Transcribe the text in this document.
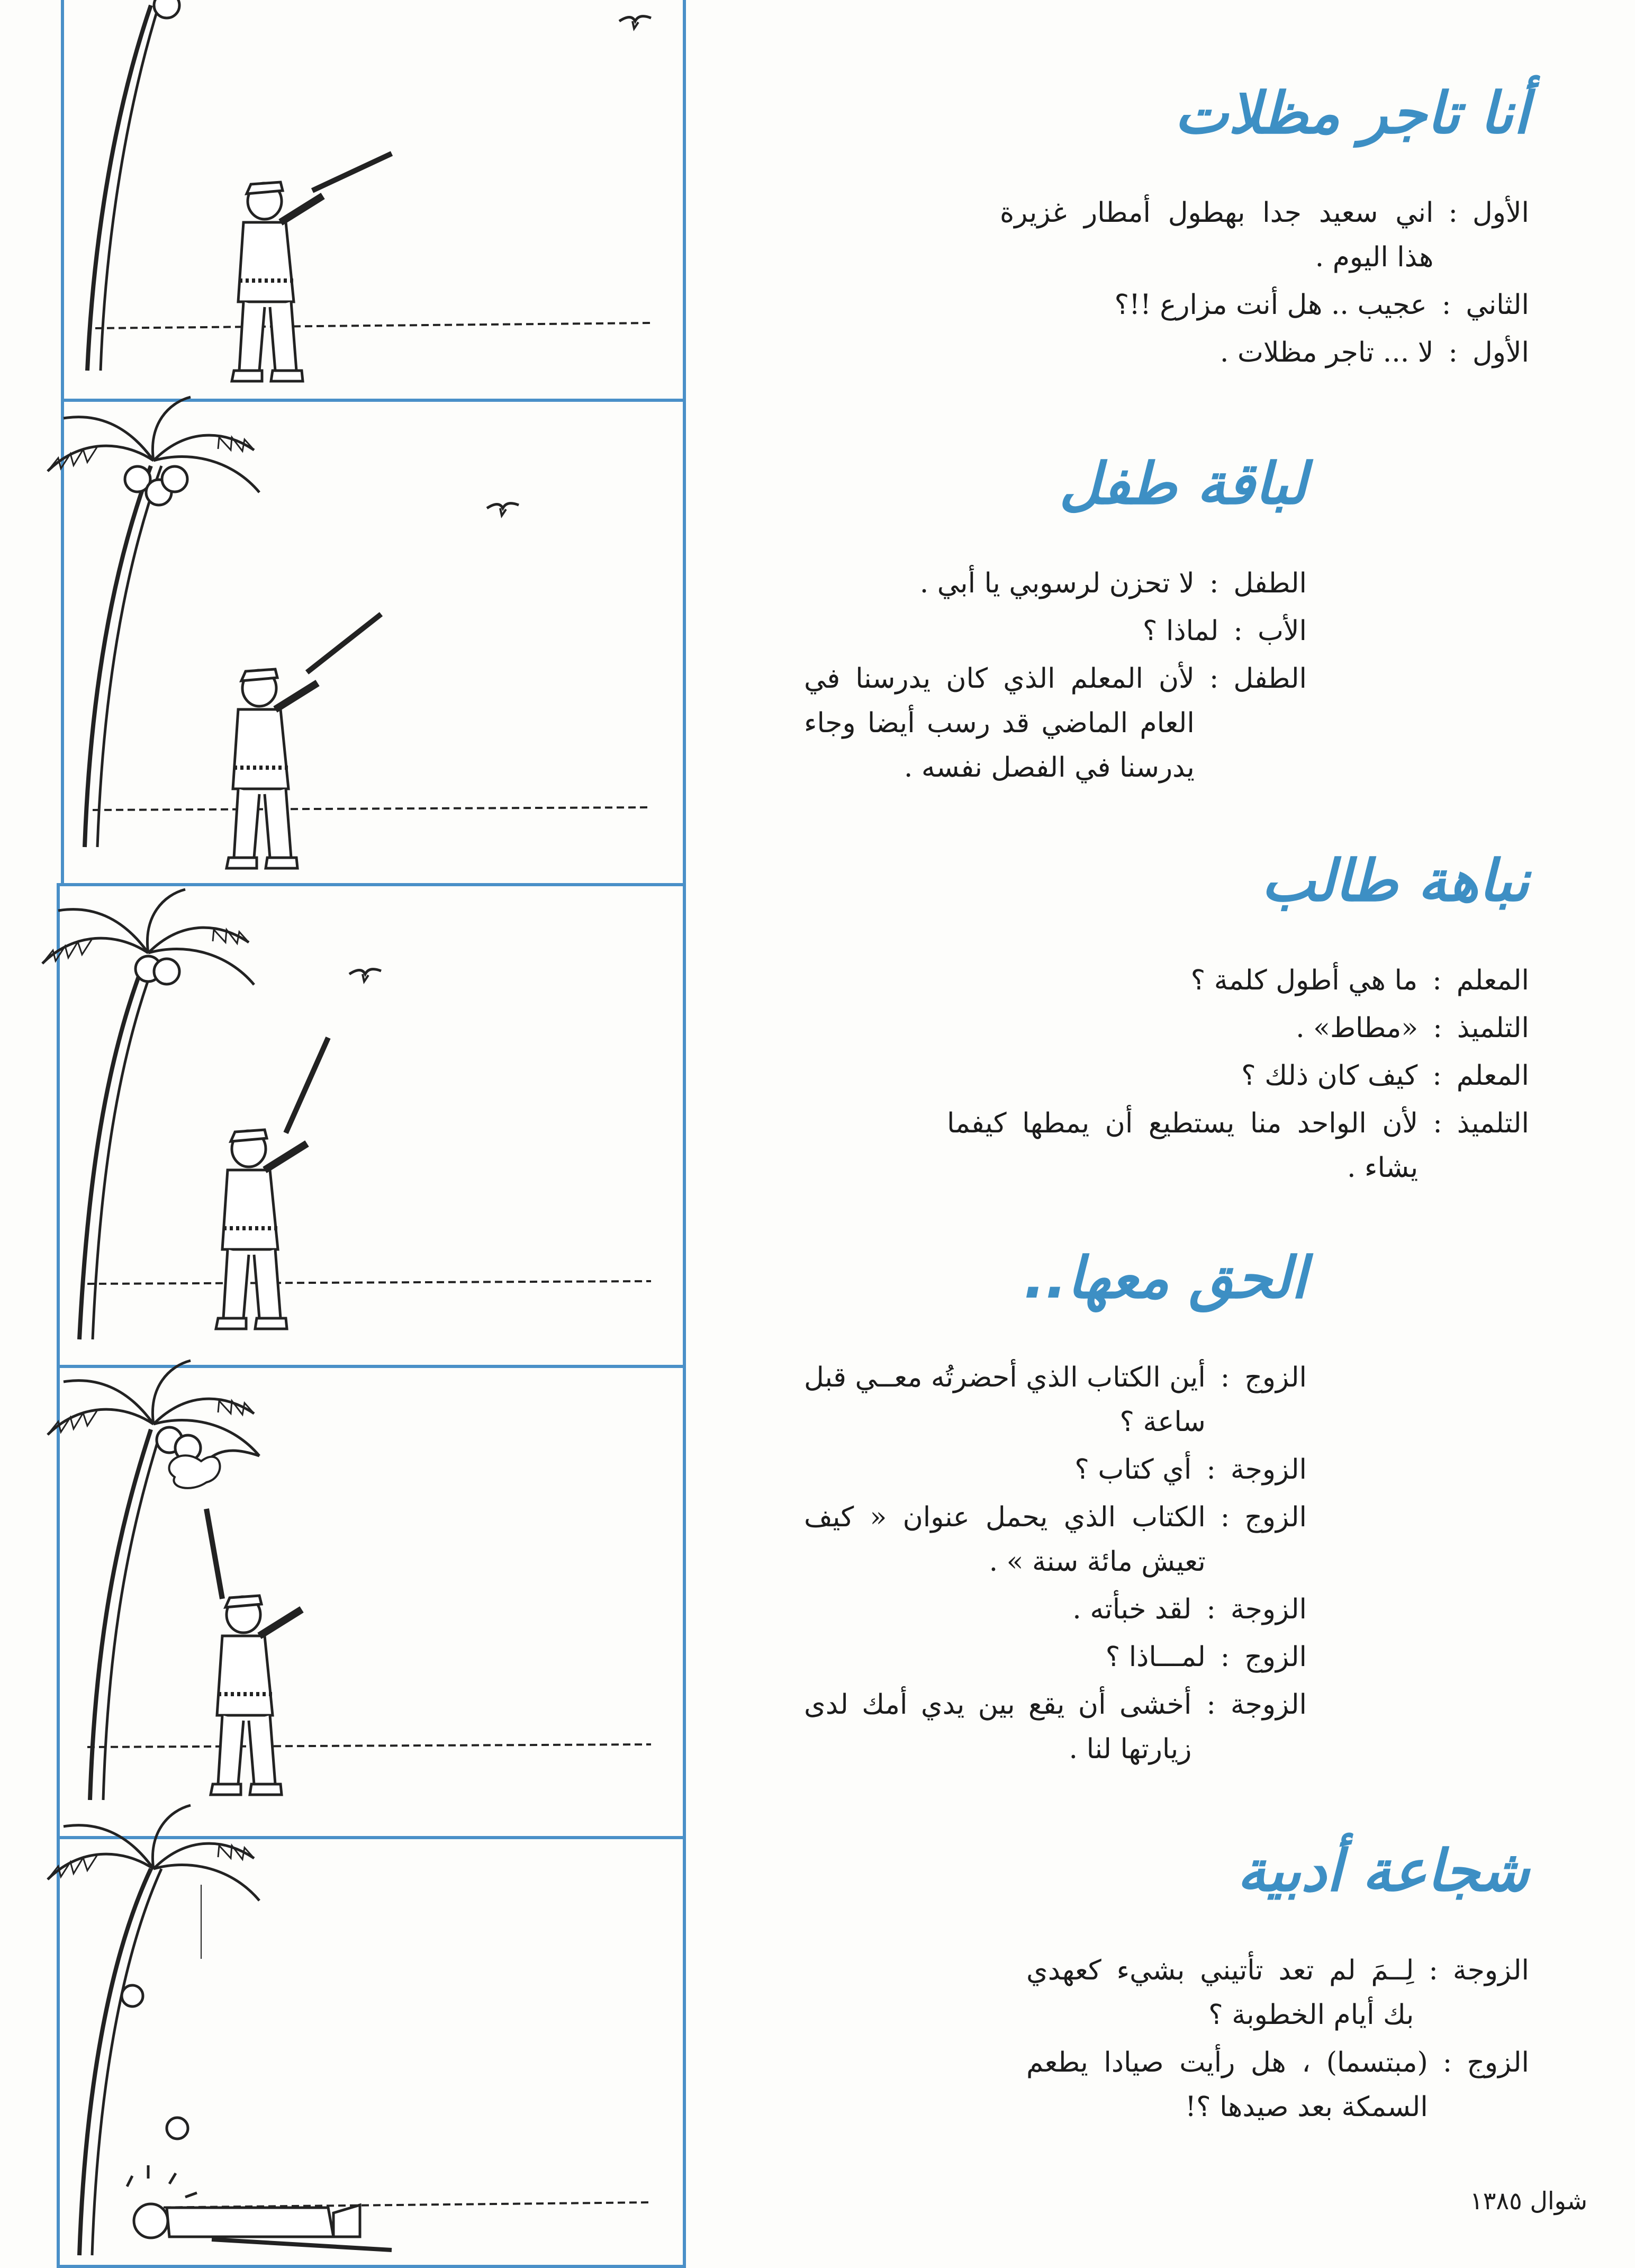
أنا تاجر مظلات
الأول
:
اني سعيد جدا بهطول أمطار غزيرة هذا اليوم .
الثاني
:
عجيب .. هل أنت مزارع !!؟
الأول
:
لا ... تاجر مظلات .
لباقة طفل
الطفل
:
لا تحزن لرسوبي يا أبي .
الأب
:
لماذا ؟
الطفل
:
لأن المعلم الذي كان يدرسنا في العام الماضي قد رسب أيضا وجاء يدرسنا في الفصل نفسه .
نباهة طالب
المعلم
:
ما هي أطول كلمة ؟
التلميذ
:
«مطاط» .
المعلم
:
كيف كان ذلك ؟
التلميذ
:
لأن الواحد منا يستطيع أن يمطها كيفما يشاء .
الحق معها..
الزوج
:
أين الكتاب الذي أحضرتُه معــي قبل ساعة ؟
الزوجة
:
أي كتاب ؟
الزوج
:
الكتاب الذي يحمل عنوان « كيف تعيش مائة سنة » .
الزوجة
:
لقد خبأته .
الزوج
:
لمـــاذا ؟
الزوجة
:
أخشى أن يقع بين يدي أمك لدى زيارتها لنا .
شجاعة أدبية
الزوجة
:
لِــمَ لم تعد تأتيني بشيء كعهدي بك أيام الخطوبة ؟
الزوج
:
(مبتسما) ، هل رأيت صيادا يطعم السمكة بعد صيدها ؟!
شوال ١٣٨٥
